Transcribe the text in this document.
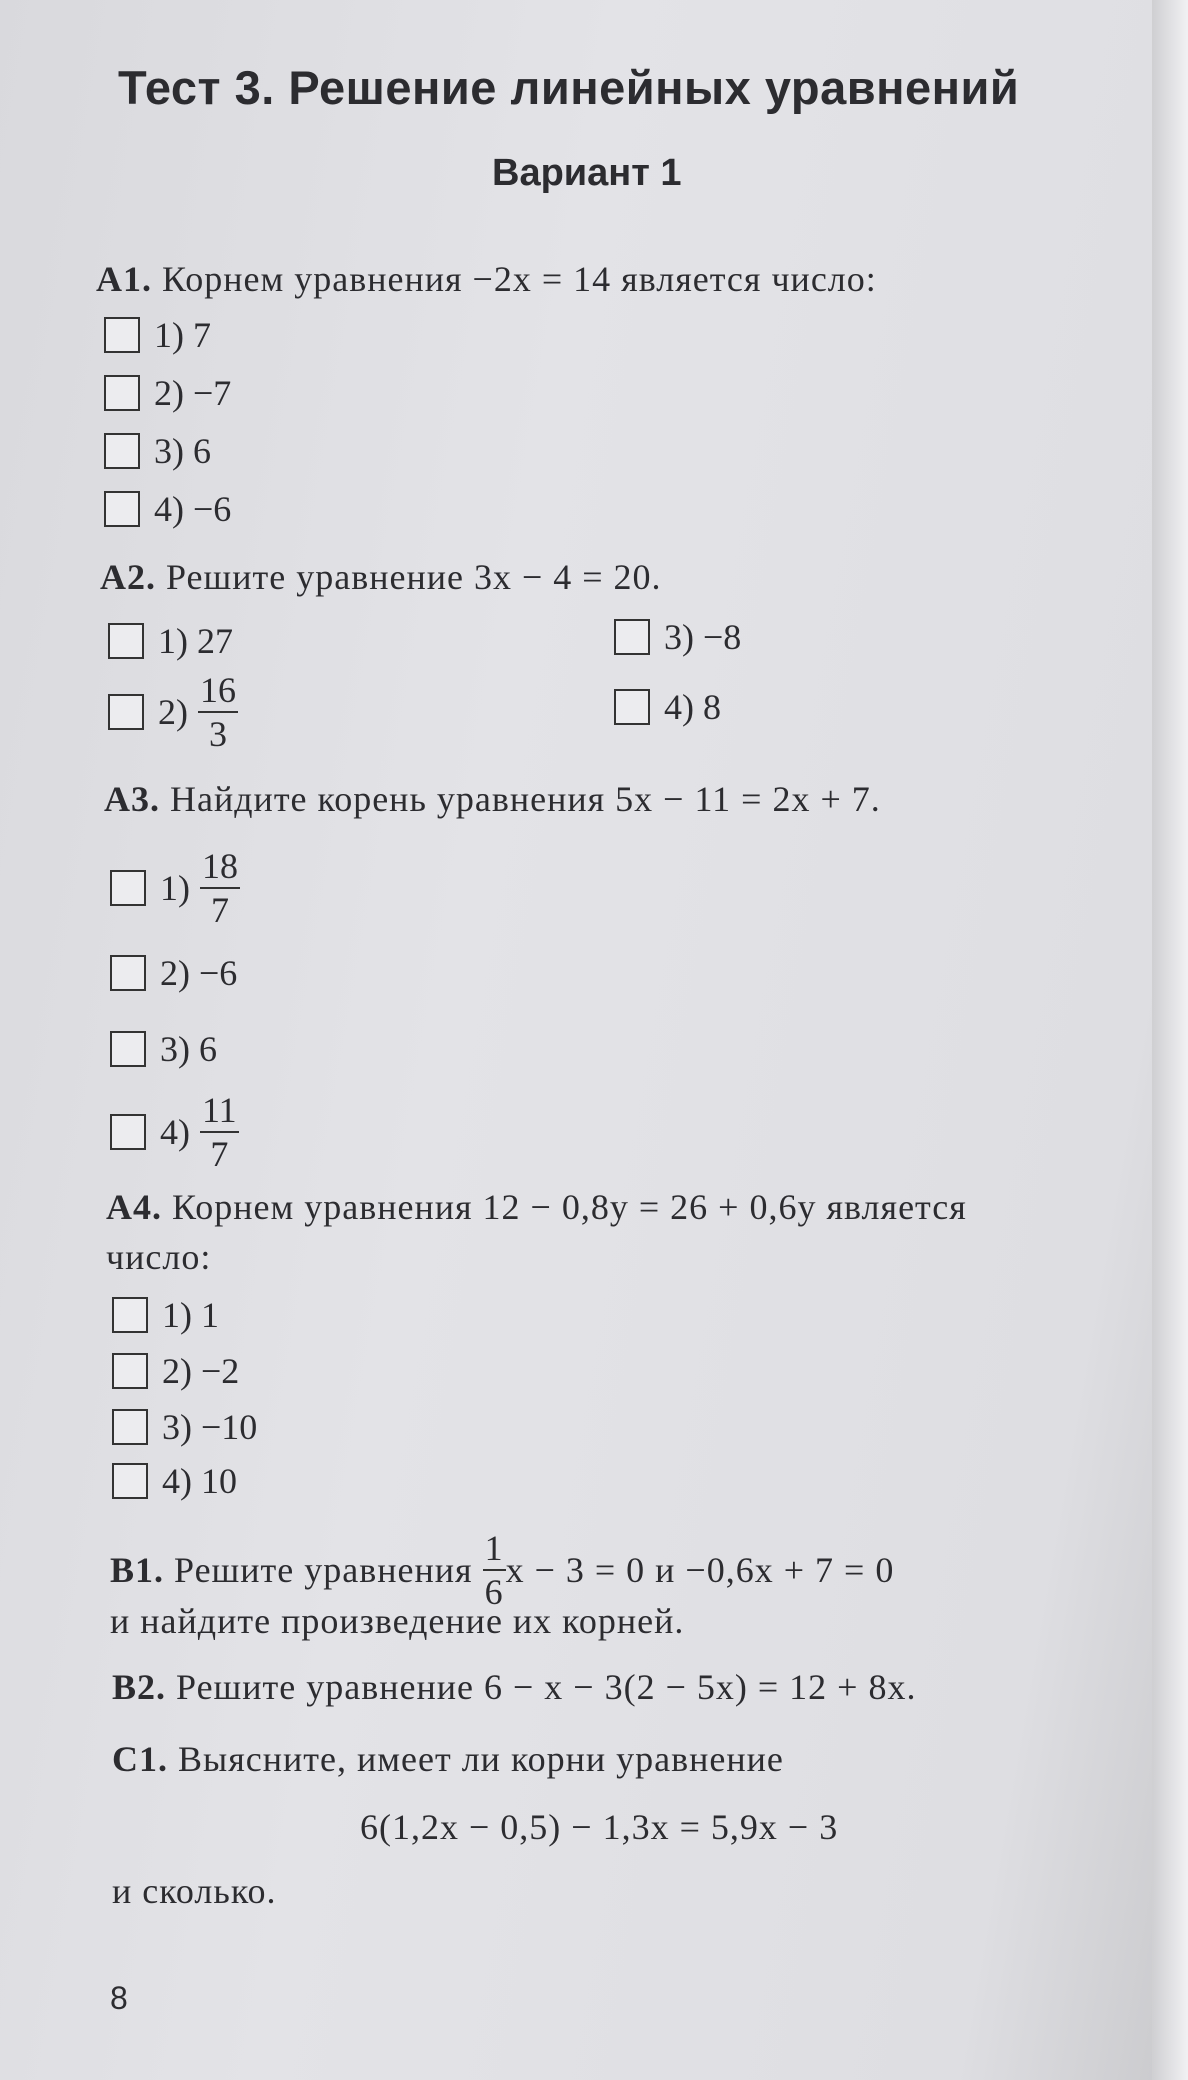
Тест 3. Решение линейных уравнений
Вариант 1
А1. Корнем уравнения −2x = 14 является число:
1) 7
2) −7
3) 6
4) −6
А2. Решите уравнение 3x − 4 = 20.
1) 27
$2) \frac{16}{3}$
3) −8
4) 8
А3. Найдите корень уравнения 5x − 11 = 2x + 7.
$1) \frac{18}{7}$
2) −6
3) 6
$4) \frac{11}{7}$
А4. Корнем уравнения 12 − 0,8y = 26 + 0,6y является
число:
1) 1
2) −2
3) −10
4) 10
В1.
Решите уравнения
$\frac{1}{6}$ x − 3 = 0 и −0,6x + 7 = 0
и найдите произведение их корней.
В2. Решите уравнение 6 − x − 3(2 − 5x) = 12 + 8x.
С1. Выясните, имеет ли корни уравнение
6(1,2x − 0,5) − 1,3x = 5,9x − 3
и сколько.
8
